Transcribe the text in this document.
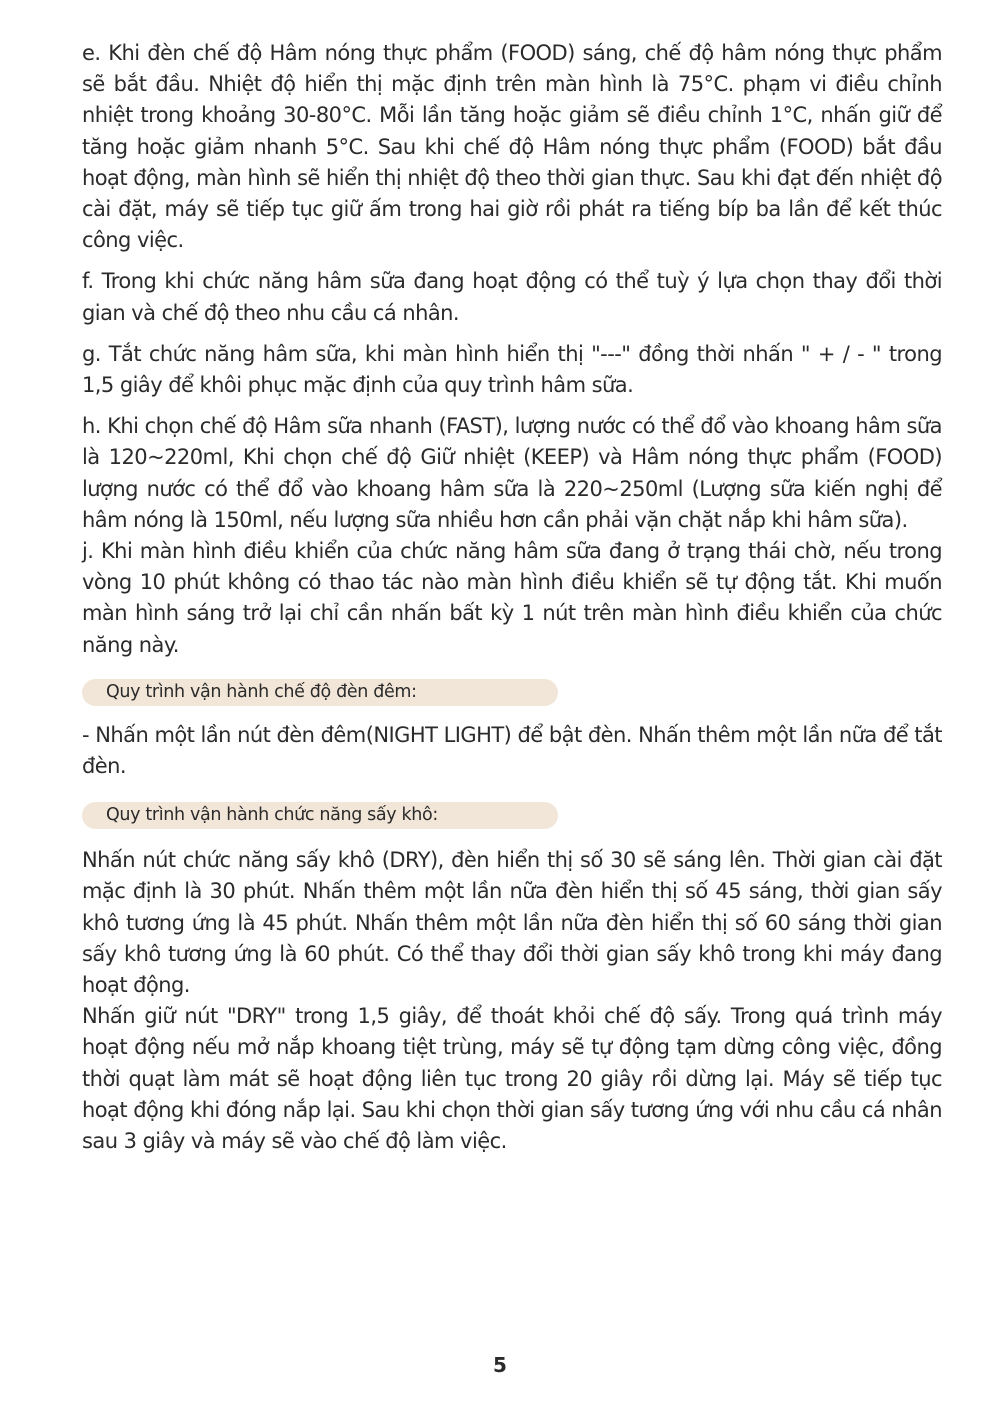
e. Khi đèn chế độ Hâm nóng thực phẩm (FOOD) sáng, chế độ hâm nóng thực phẩm sẽ bắt đầu. Nhiệt độ hiển thị mặc định trên màn hình là 75°C. phạm vi điều chỉnh nhiệt trong khoảng 30-80°C. Mỗi lần tăng hoặc giảm sẽ điều chỉnh 1°C, nhấn giữ để tăng hoặc giảm nhanh 5°C. Sau khi chế độ Hâm nóng thực phẩm (FOOD) bắt đầu hoạt động, màn hình sẽ hiển thị nhiệt độ theo thời gian thực. Sau khi đạt đến nhiệt độ cài đặt, máy sẽ tiếp tục giữ ấm trong hai giờ rồi phát ra tiếng bíp ba lần để kết thúc công việc.

f. Trong khi chức năng hâm sữa đang hoạt động có thể tuỳ ý lựa chọn thay đổi thời gian và chế độ theo nhu cầu cá nhân.

g. Tắt chức năng hâm sữa, khi màn hình hiển thị "---" đồng thời nhấn " + / - " trong 1,5 giây để khôi phục mặc định của quy trình hâm sữa.

h. Khi chọn chế độ Hâm sữa nhanh (FAST), lượng nước có thể đổ vào khoang hâm sữa là 120~220ml, Khi chọn chế độ Giữ nhiệt (KEEP) và Hâm nóng thực phẩm (FOOD) lượng nước có thể đổ vào khoang hâm sữa là 220~250ml (Lượng sữa kiến nghị để hâm nóng là 150ml, nếu lượng sữa nhiều hơn cần phải vặn chặt nắp khi hâm sữa).

j. Khi màn hình điều khiển của chức năng hâm sữa đang ở trạng thái chờ, nếu trong vòng 10 phút không có thao tác nào màn hình điều khiển sẽ tự động tắt. Khi muốn màn hình sáng trở lại chỉ cần nhấn bất kỳ 1 nút trên màn hình điều khiển của chức năng này.

Quy trình vận hành chế độ đèn đêm:

- Nhấn một lần nút đèn đêm(NIGHT LIGHT) để bật đèn. Nhấn thêm một lần nữa để tắt đèn.

Quy trình vận hành chức năng sấy khô:

Nhấn nút chức năng sấy khô (DRY), đèn hiển thị số 30 sẽ sáng lên. Thời gian cài đặt mặc định là 30 phút. Nhấn thêm một lần nữa đèn hiển thị số 45 sáng, thời gian sấy khô tương ứng là 45 phút. Nhấn thêm một lần nữa đèn hiển thị số 60 sáng thời gian sấy khô tương ứng là 60 phút. Có thể thay đổi thời gian sấy khô trong khi máy đang hoạt động.

Nhấn giữ nút "DRY" trong 1,5 giây, để thoát khỏi chế độ sấy. Trong quá trình máy hoạt động nếu mở nắp khoang tiệt trùng, máy sẽ tự động tạm dừng công việc, đồng thời quạt làm mát sẽ hoạt động liên tục trong 20 giây rồi dừng lại. Máy sẽ tiếp tục hoạt động khi đóng nắp lại. Sau khi chọn thời gian sấy tương ứng với nhu cầu cá nhân sau 3 giây và máy sẽ vào chế độ làm việc.

5
